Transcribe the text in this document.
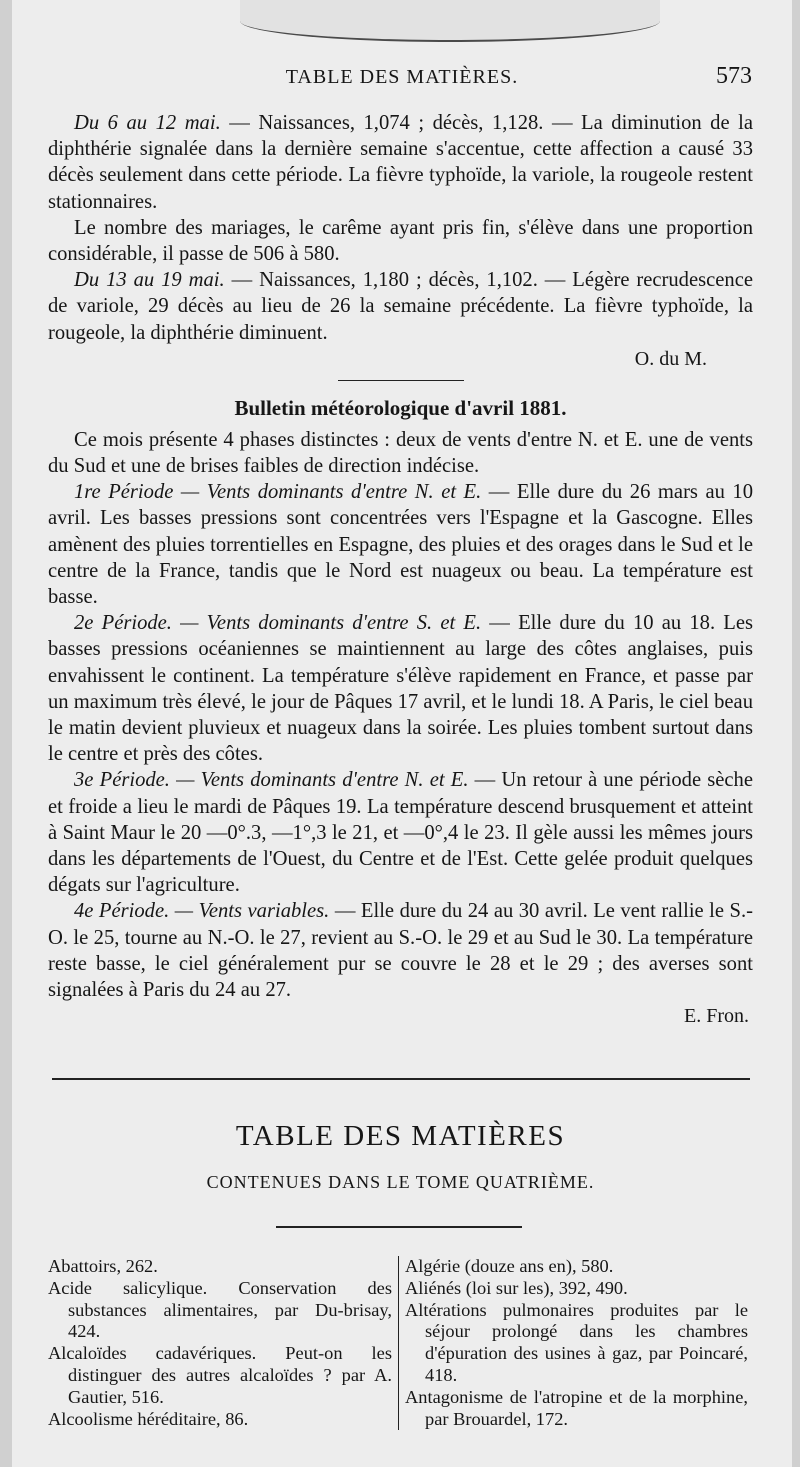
TABLE DES MATIÈRES.	573

Du 6 au 12 mai. — Naissances, 1,074 ; décès, 1,128. — La diminution de la diphthérie signalée dans la dernière semaine s'accentue, cette affection a causé 33 décès seulement dans cette période. La fièvre typhoïde, la variole, la rougeole restent stationnaires.

Le nombre des mariages, le carême ayant pris fin, s'élève dans une proportion considérable, il passe de 506 à 580.

Du 13 au 19 mai. — Naissances, 1,180 ; décès, 1,102. — Légère recrudescence de variole, 29 décès au lieu de 26 la semaine précédente. La fièvre typhoïde, la rougeole, la diphthérie diminuent.

O. du M.

Bulletin météorologique d'avril 1881.

Ce mois présente 4 phases distinctes : deux de vents d'entre N. et E. une de vents du Sud et une de brises faibles de direction indécise.

1re Période — Vents dominants d'entre N. et E. — Elle dure du 26 mars au 10 avril. Les basses pressions sont concentrées vers l'Espagne et la Gascogne. Elles amènent des pluies torrentielles en Espagne, des pluies et des orages dans le Sud et le centre de la France, tandis que le Nord est nuageux ou beau. La température est basse.

2e Période. — Vents dominants d'entre S. et E. — Elle dure du 10 au 18. Les basses pressions océaniennes se maintiennent au large des côtes anglaises, puis envahissent le continent. La température s'élève rapidement en France, et passe par un maximum très élevé, le jour de Pâques 17 avril, et le lundi 18. A Paris, le ciel beau le matin devient pluvieux et nuageux dans la soirée. Les pluies tombent surtout dans le centre et près des côtes.

3e Période. — Vents dominants d'entre N. et E. — Un retour à une période sèche et froide a lieu le mardi de Pâques 19. La température descend brusquement et atteint à Saint Maur le 20 —0°.3, —1°,3 le 21, et —0°,4 le 23. Il gèle aussi les mêmes jours dans les départements de l'Ouest, du Centre et de l'Est. Cette gelée produit quelques dégats sur l'agriculture.

4e Période. — Vents variables. — Elle dure du 24 au 30 avril. Le vent rallie le S.-O. le 25, tourne au N.-O. le 27, revient au S.-O. le 29 et au Sud le 30. La température reste basse, le ciel généralement pur se couvre le 28 et le 29 ; des averses sont signalées à Paris du 24 au 27.

E. Fron.

TABLE DES MATIÈRES
CONTENUES DANS LE TOME QUATRIÈME.

Abattoirs, 262.

Acide salicylique. Conservation des substances alimentaires, par Du-brisay, 424.

Alcaloïdes cadavériques. Peut-on les distinguer des autres alcaloïdes ? par A. Gautier, 516.

Alcoolisme héréditaire, 86.

Algérie (douze ans en), 580.

Aliénés (loi sur les), 392, 490.

Altérations pulmonaires produites par le séjour prolongé dans les chambres d'épuration des usines à gaz, par Poincaré, 418.

Antagonisme de l'atropine et de la morphine, par Brouardel, 172.
